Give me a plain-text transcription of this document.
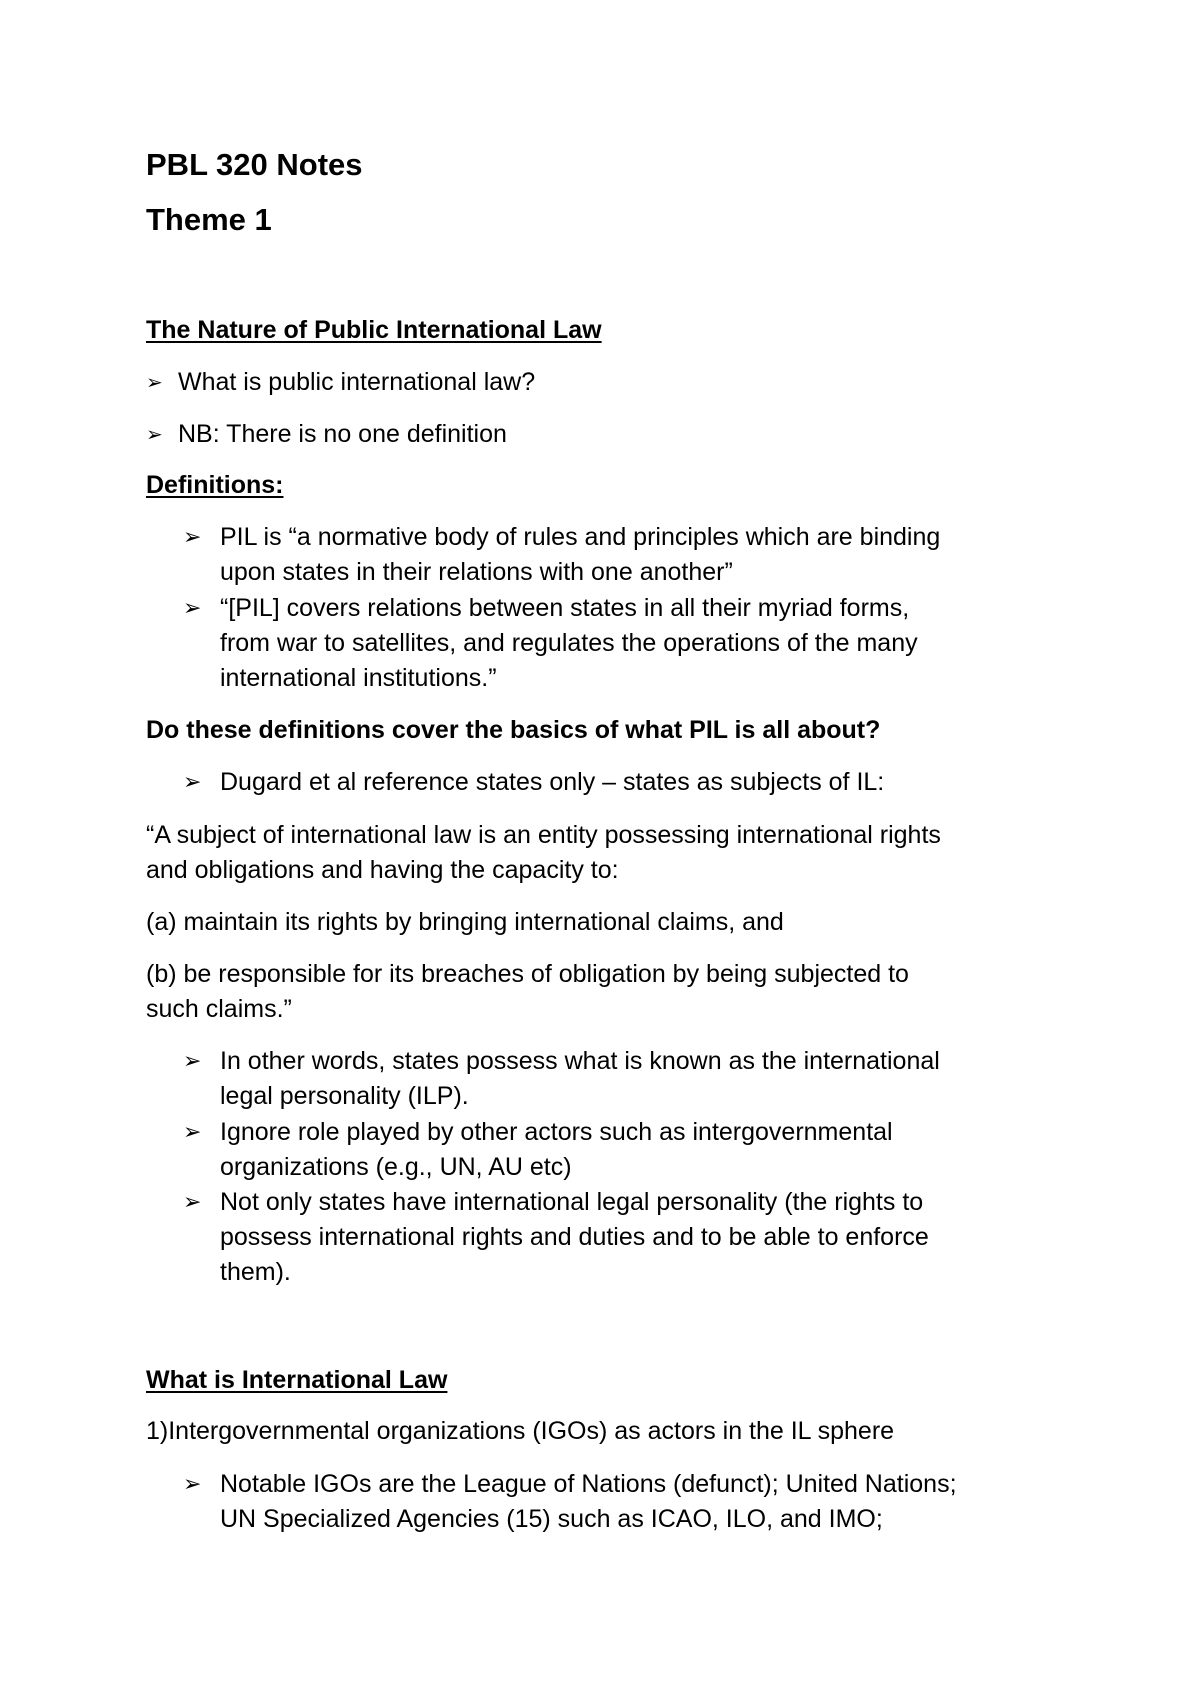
PBL 320 Notes
Theme 1
The Nature of Public International Law
➢ What is public international law?
➢ NB: There is no one definition
Definitions:
➢ PIL is “a normative body of rules and principles which are binding
upon states in their relations with one another”
➢ “[PIL] covers relations between states in all their myriad forms,
from war to satellites, and regulates the operations of the many
international institutions.”
Do these definitions cover the basics of what PIL is all about?
➢ Dugard et al reference states only – states as subjects of IL:
“A subject of international law is an entity possessing international rights
and obligations and having the capacity to:
(a) maintain its rights by bringing international claims, and
(b) be responsible for its breaches of obligation by being subjected to
such claims.”
➢ In other words, states possess what is known as the international
legal personality (ILP).
➢ Ignore role played by other actors such as intergovernmental
organizations (e.g., UN, AU etc)
➢ Not only states have international legal personality (the rights to
possess international rights and duties and to be able to enforce
them).
What is International Law
1)Intergovernmental organizations (IGOs) as actors in the IL sphere
➢ Notable IGOs are the League of Nations (defunct); United Nations;
UN Specialized Agencies (15) such as ICAO, ILO, and IMO;
